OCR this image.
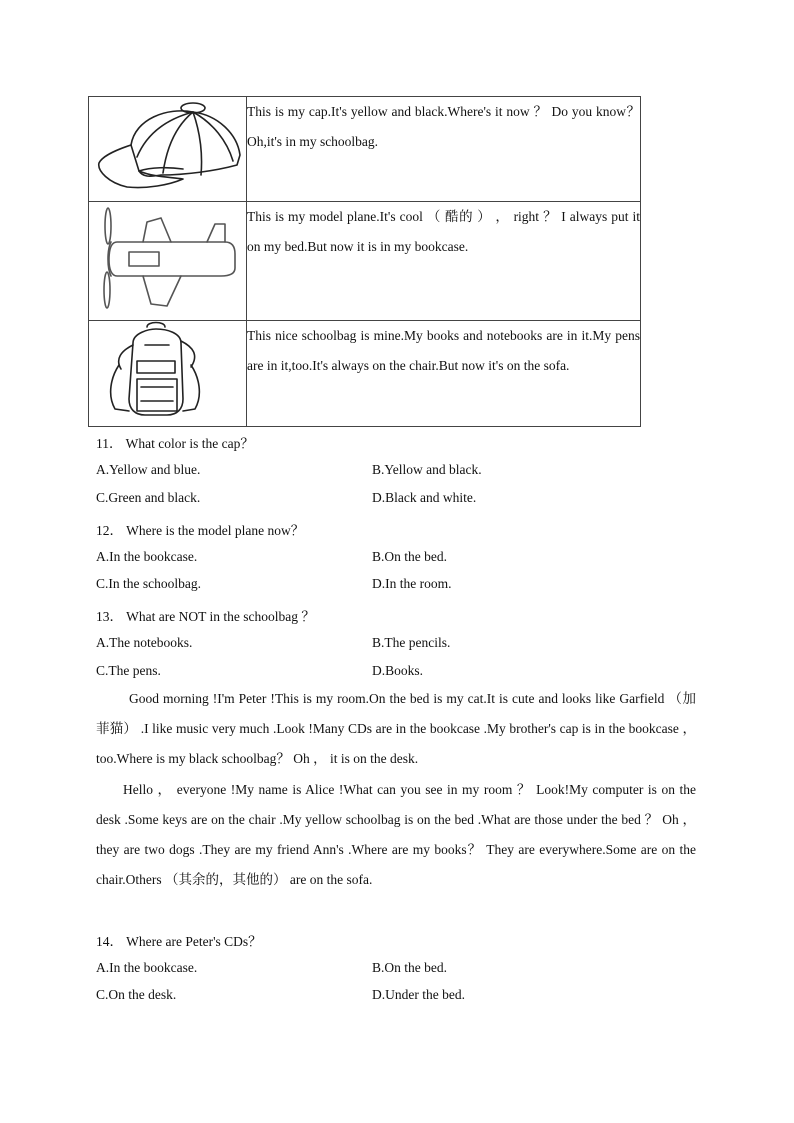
	This is my cap.It's yellow and black.Where's it now ？ Do you know？ Oh,it's in my schoolbag.

	This is my model plane.It's cool （ 酷的 ） ， right ？ I always put it on my bed.But now it is in my bookcase.

	This nice schoolbag is mine.My books and notebooks are in it.My pens are in it,too.It's always on the chair.But now it's on the sofa.
11． What color is the cap？
A.Yellow and blue.	B.Yellow and black.
C.Green and black.	D.Black and white.
12． Where is the model plane now？
A.In the bookcase.	B.On the bed.
C.In the schoolbag.	D.In the room.
13． What are NOT in the schoolbag ？
A.The notebooks.	B.The pencils.
C.The pens.	D.Books.
Good morning !I'm Peter !This is my room.On the bed is my cat.It is cute and looks like Garfield （加菲猫） .I like music very much .Look !Many CDs are in the bookcase .My brother's cap is in the bookcase ， too.Where is my black schoolbag？ Oh ， it is on the desk.
Hello ， everyone !My name is Alice !What can you see in my room ？ Look!My computer is on the desk .Some keys are on the chair .My yellow schoolbag is on the bed .What are those under the bed ？ Oh ， they are two dogs .They are my friend Ann's .Where are my books？ They are everywhere.Some are on the chair.Others （其余的，其他的） are on the sofa.
14． Where are Peter's CDs？
A.In the bookcase.	B.On the bed.
C.On the desk.	D.Under the bed.
